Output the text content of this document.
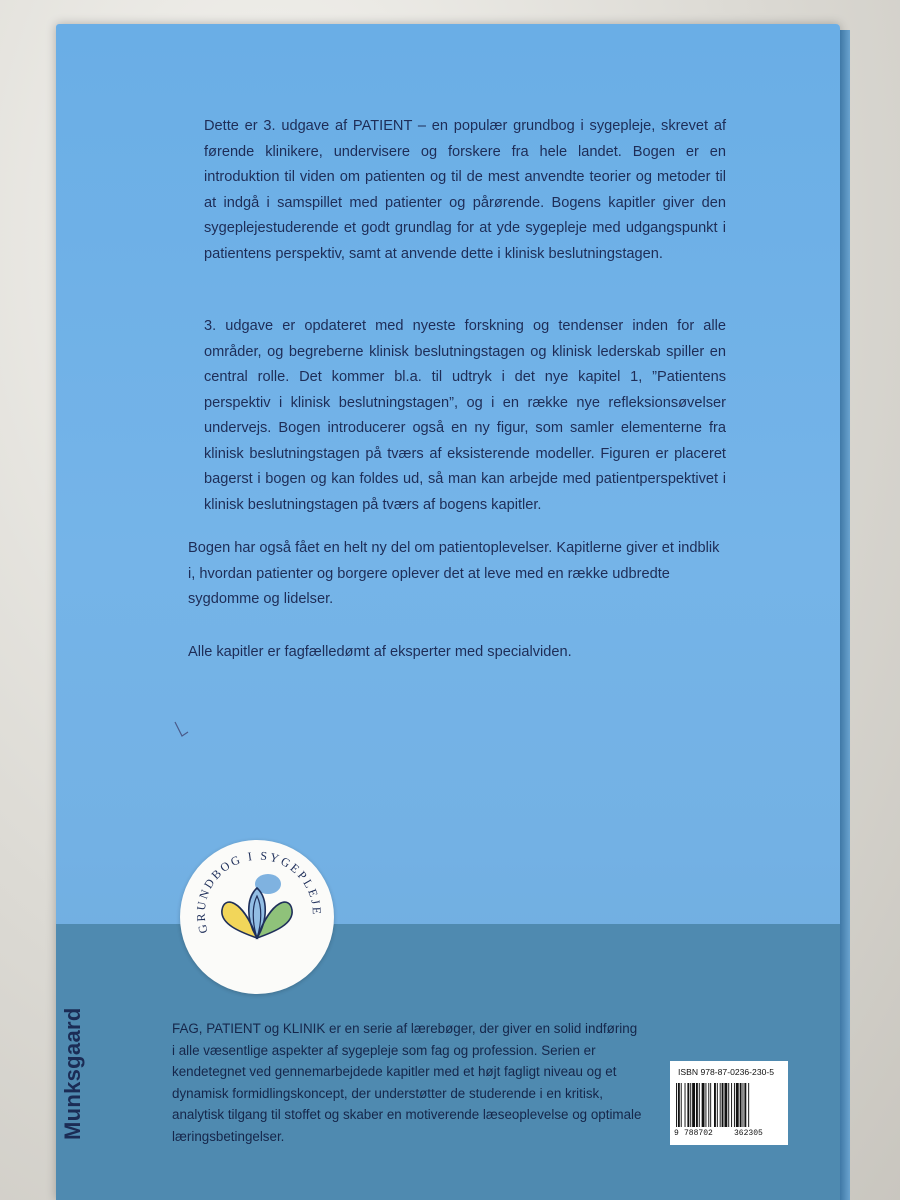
Dette er 3. udgave af PATIENT – en populær grundbog i sygepleje, skrevet af førende klinikere, undervisere og forskere fra hele landet. Bogen er en introduktion til viden om patienten og til de mest anvendte teorier og metoder til at indgå i samspillet med patienter og pårørende. Bogens kapitler giver den sygeplejestuderende et godt grundlag for at yde sygepleje med udgangspunkt i patientens perspektiv, samt at anvende dette i klinisk beslutningstagen.

3. udgave er opdateret med nyeste forskning og tendenser inden for alle områder, og begreberne klinisk beslutningstagen og klinisk lederskab spiller en central rolle. Det kommer bl.a. til udtryk i det nye kapitel 1, ”Patientens perspektiv i klinisk beslutningstagen”, og i en række nye refleksionsøvelser undervejs. Bogen introducerer også en ny figur, som samler elementerne fra klinisk beslutningstagen på tværs af eksisterende modeller. Figuren er placeret bagerst i bogen og kan foldes ud, så man kan arbejde med patientperspektivet i klinisk beslutningstagen på tværs af bogens kapitler.

Bogen har også fået en helt ny del om patientoplevelser. Kapitlerne giver et indblik i, hvordan patienter og borgere oplever det at leve med en række udbredte sygdomme og lidelser.

Alle kapitler er fagfælledømt af eksperter med specialviden.

Munksgaard	FAG, PATIENT og KLINIK er en serie af lærebøger, der giver en solid indføring i alle væsentlige aspekter af sygepleje som fag og profession. Serien er kendetegnet ved gennemarbejdede kapitler med et højt fagligt niveau og et dynamisk formidlingskoncept, der understøtter de studerende i en kritisk, analytisk tilgang til stoffet og skaber en motiverende læseoplevelse og optimale læringsbetingelser.

GRUNDBOG I SYGEPLEJE
ISBN 978-87-0236-230-5
9 788702	362305
